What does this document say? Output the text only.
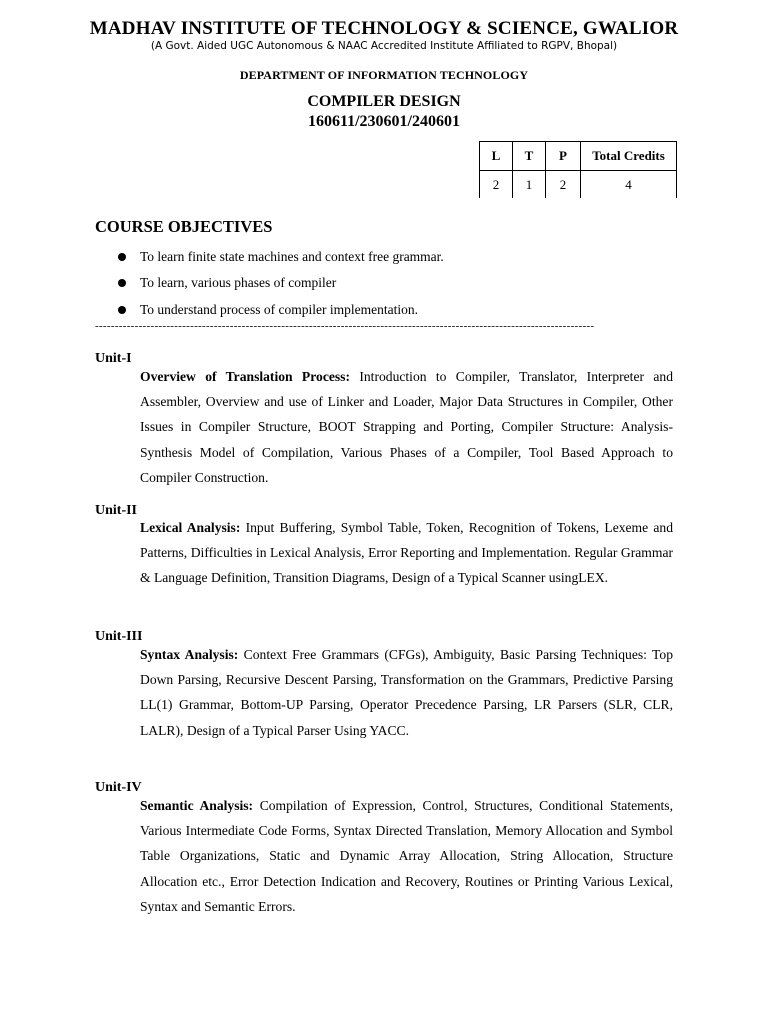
MADHAV INSTITUTE OF TECHNOLOGY & SCIENCE, GWALIOR
(A Govt. Aided UGC Autonomous & NAAC Accredited Institute Affiliated to RGPV, Bhopal)
DEPARTMENT OF INFORMATION TECHNOLOGY
COMPILER DESIGN
160611/230601/240601
L	T	P	Total Credits
2	1	2	4
COURSE OBJECTIVES
To learn finite state machines and context free grammar.
To learn, various phases of compiler
To understand process of compiler implementation.
------------------------------------------------------------------------------------------------------------------------------
Unit-I
Overview of Translation Process: Introduction to Compiler, Translator, Interpreter and Assembler, Overview and use of Linker and Loader, Major Data Structures in Compiler, Other Issues in Compiler Structure, BOOT Strapping and Porting, Compiler Structure: Analysis-Synthesis Model of Compilation, Various Phases of a Compiler, Tool Based Approach to Compiler Construction.
Unit-II
Lexical Analysis: Input Buffering, Symbol Table, Token, Recognition of Tokens, Lexeme and Patterns, Difficulties in Lexical Analysis, Error Reporting and Implementation. Regular Grammar & Language Definition, Transition Diagrams, Design of a Typical Scanner usingLEX.
Unit-III
Syntax Analysis: Context Free Grammars (CFGs), Ambiguity, Basic Parsing Techniques: Top Down Parsing, Recursive Descent Parsing, Transformation on the Grammars, Predictive Parsing LL(1) Grammar, Bottom-UP Parsing, Operator Precedence Parsing, LR Parsers (SLR, CLR, LALR), Design of a Typical Parser Using YACC.
Unit-IV
Semantic Analysis: Compilation of Expression, Control, Structures, Conditional Statements, Various Intermediate Code Forms, Syntax Directed Translation, Memory Allocation and Symbol Table Organizations, Static and Dynamic Array Allocation, String Allocation, Structure Allocation etc., Error Detection Indication and Recovery, Routines or Printing Various Lexical, Syntax and Semantic Errors.
